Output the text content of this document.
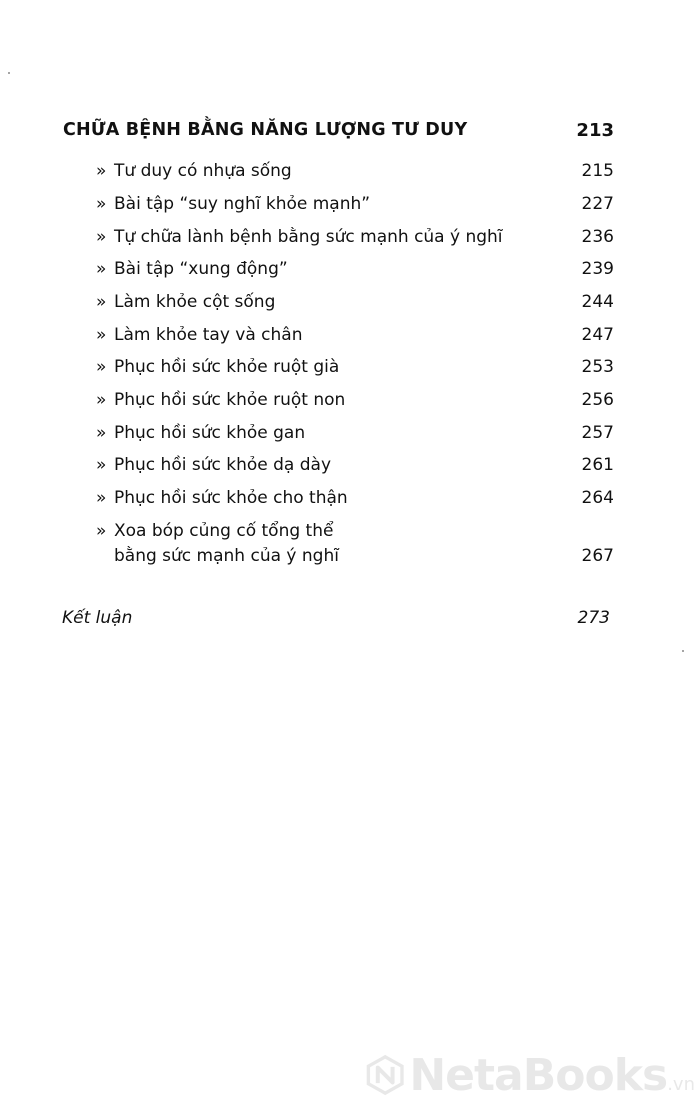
CHỮA BỆNH BẰNG NĂNG LƯỢNG TƯ DUY	213
» Tư duy có nhựa sống	215
» Bài tập “suy nghĩ khỏe mạnh”	227
» Tự chữa lành bệnh bằng sức mạnh của ý nghĩ	236
» Bài tập “xung động”	239
» Làm khỏe cột sống	244
» Làm khỏe tay và chân	247
» Phục hồi sức khỏe ruột già	253
» Phục hồi sức khỏe ruột non	256
» Phục hồi sức khỏe gan	257
» Phục hồi sức khỏe dạ dày	261
» Phục hồi sức khỏe cho thận	264
» Xoa bóp củng cố tổng thể
bằng sức mạnh của ý nghĩ	267
Kết luận	273
NetaBooks.vn
